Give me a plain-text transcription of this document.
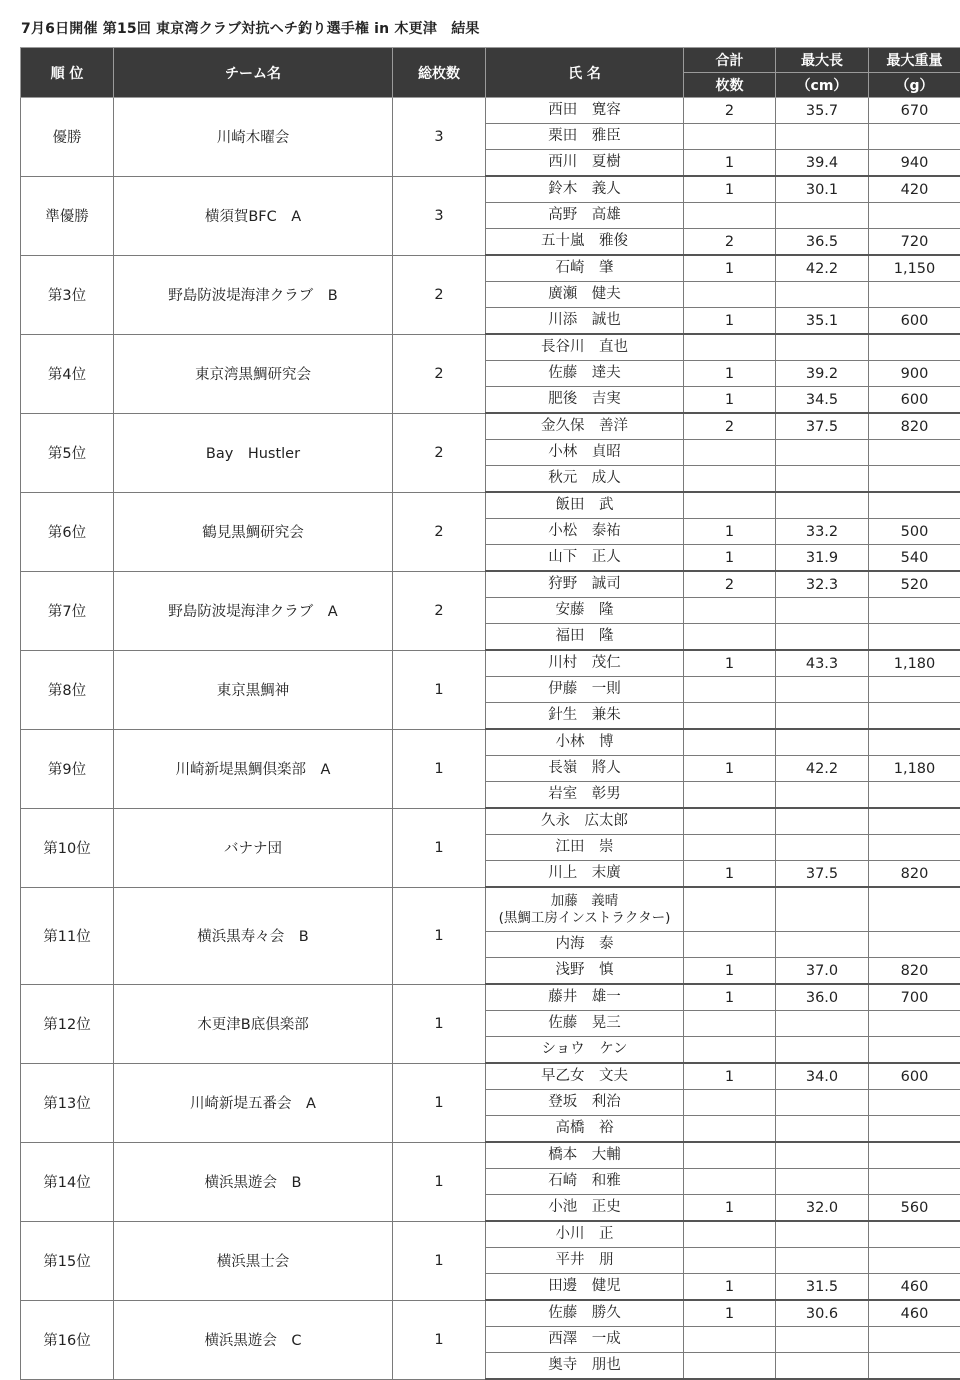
7月6日開催 第15回 東京湾クラブ対抗ヘチ釣り選手権 in 木更津　結果
順 位	チーム名	総枚数	氏 名	合計	最大長	最大重量
				枚数	（cm）	（g）
優勝	川崎木曜会	3	西田　寛容	2	35.7	670
			栗田　雅臣			
			西川　夏樹	1	39.4	940
準優勝	横須賀BFC　A	3	鈴木　義人	1	30.1	420
			高野　高雄			
			五十嵐　雅俊	2	36.5	720
第3位	野島防波堤海津クラブ　B	2	石崎　肇	1	42.2	1,150
			廣瀬　健夫			
			川添　誠也	1	35.1	600
第4位	東京湾黒鯛研究会	2	長谷川　直也			
			佐藤　達夫	1	39.2	900
			肥後　吉実	1	34.5	600
第5位	Bay　Hustler	2	金久保　善洋	2	37.5	820
			小林　貞昭			
			秋元　成人			
第6位	鶴見黒鯛研究会	2	飯田　武			
			小松　泰祐	1	33.2	500
			山下　正人	1	31.9	540
第7位	野島防波堤海津クラブ　A	2	狩野　誠司	2	32.3	520
			安藤　隆			
			福田　隆			
第8位	東京黒鯛神	1	川村　茂仁	1	43.3	1,180
			伊藤　一則			
			針生　兼朱			
第9位	川崎新堤黒鯛倶楽部　A	1	小林　博			
			長嶺　將人	1	42.2	1,180
			岩室　彰男			
第10位	バナナ団	1	久永　広太郎			
			江田　崇			
			川上　末廣	1	37.5	820
第11位	横浜黒寿々会　B	1	加藤　義晴
(黒鯛工房インストラクター)			

			内海　泰			
			浅野　慎	1	37.0	820
第12位	木更津B底倶楽部	1	藤井　雄一	1	36.0	700
			佐藤　晃三			
			ショウ　ケン			
第13位	川崎新堤五番会　A	1	早乙女　文夫	1	34.0	600
			登坂　利治			
			高橋　裕			
第14位	横浜黒遊会　B	1	橋本　大輔			
			石崎　和雅			
			小池　正史	1	32.0	560
第15位	横浜黒士会	1	小川　正			
			平井　朋			
			田邊　健児	1	31.5	460
第16位	横浜黒遊会　C	1	佐藤　勝久	1	30.6	460
			西澤　一成			
			奥寺　朋也			
